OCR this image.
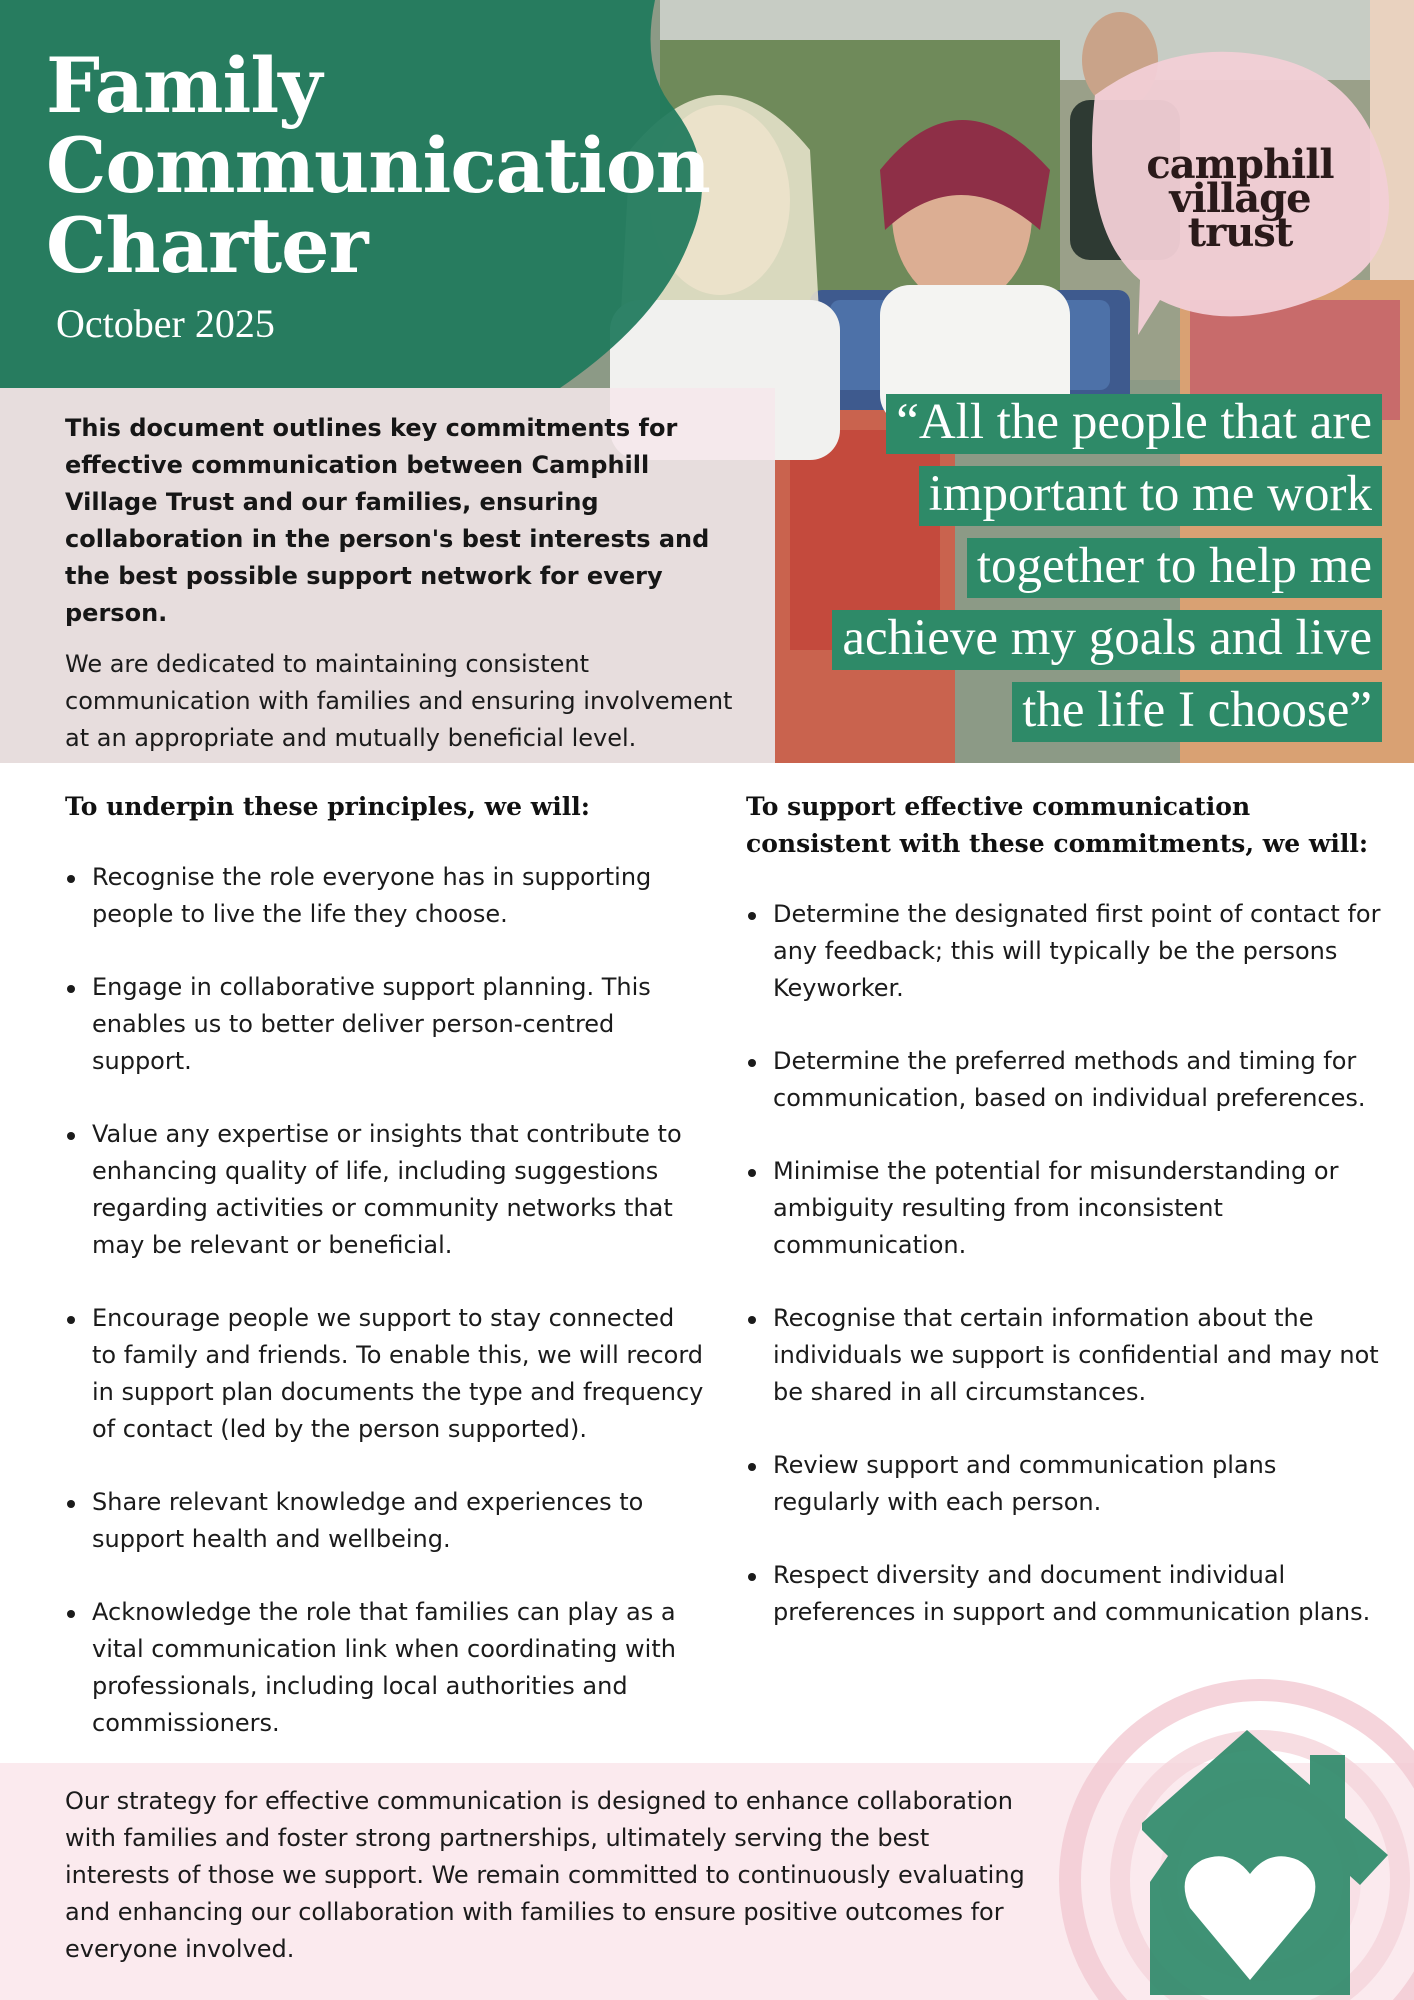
Family
Communication
Charter
October 2025
camphill
village
trust

This document outlines key commitments for effective communication between Camphill Village Trust and our families, ensuring collaboration in the person's best interests and the best possible support network for every person.

We are dedicated to maintaining consistent communication with families and ensuring involvement at an appropriate and mutually beneficial level.

“All the people that are important to me work together to help me achieve my goals and live the life I choose”
To underpin these principles, we will:
Recognise the role everyone has in supporting people to live the life they choose.
Engage in collaborative support planning. This enables us to better deliver person-centred support.
Value any expertise or insights that contribute to enhancing quality of life, including suggestions regarding activities or community networks that may be relevant or beneficial.
Encourage people we support to stay connected to family and friends. To enable this, we will record in support plan documents the type and frequency of contact (led by the person supported).
Share relevant knowledge and experiences to support health and wellbeing.
Acknowledge the role that families can play as a vital communication link when coordinating with professionals, including local authorities and commissioners.
To support effective communication consistent with these commitments, we will:
Determine the designated first point of contact for any feedback; this will typically be the persons Keyworker.
Determine the preferred methods and timing for communication, based on individual preferences.
Minimise the potential for misunderstanding or ambiguity resulting from inconsistent communication.
Recognise that certain information about the individuals we support is confidential and may not be shared in all circumstances.
Review support and communication plans regularly with each person.
Respect diversity and document individual preferences in support and communication plans.

Our strategy for effective communication is designed to enhance collaboration with families and foster strong partnerships, ultimately serving the best interests of those we support. We remain committed to continuously evaluating and enhancing our collaboration with families to ensure positive outcomes for everyone involved.
